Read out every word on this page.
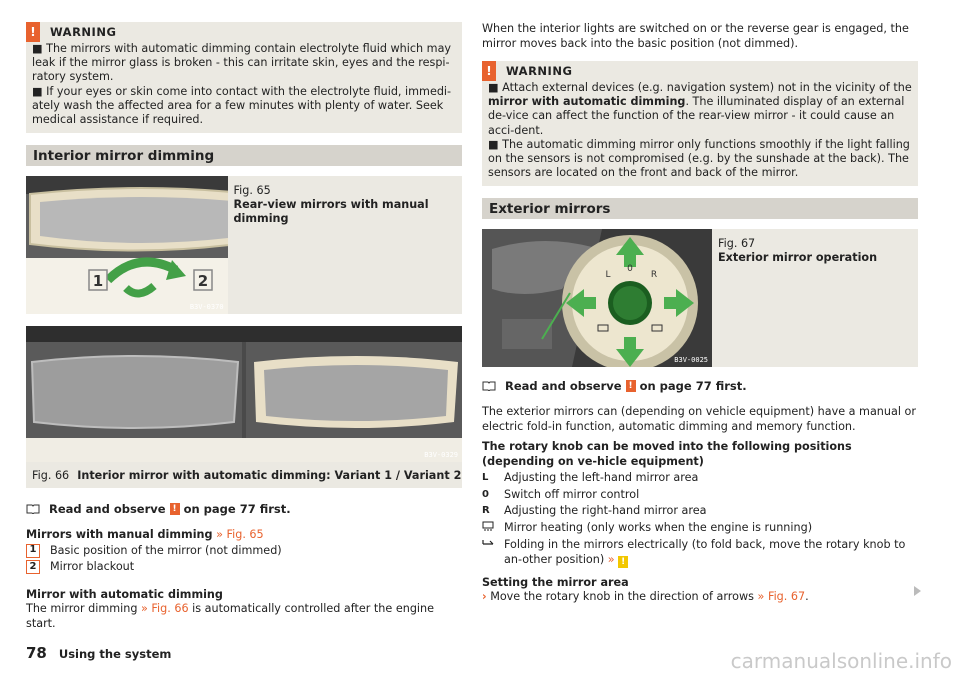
!	WARNING

■ The mirrors with automatic dimming contain electrolyte fluid which may leak if the mirror glass is broken - this can irritate skin, eyes and the respi-ratory system.

■ If your eyes or skin come into contact with the electrolyte fluid, immedi-ately wash the affected area for a few minutes with plenty of water. Seek medical assistance if required.

Interior mirror dimming
1	2
B3V-0370
Fig. 65
Rear-view mirrors with manual dimming
B3V-0329
Fig. 66 Interior mirror with automatic dimming: Variant 1 / Variant 2
Read and observe ! on page 77 first.
Mirrors with manual dimming » Fig. 65
1	Basic position of the mirror (not dimmed)
2	Mirror blackout
Mirror with automatic dimming
The mirror dimming » Fig. 66 is automatically controlled after the engine start.
When the interior lights are switched on or the reverse gear is engaged, the mirror moves back into the basic position (not dimmed).
!	WARNING

■ Attach external devices (e.g. navigation system) not in the vicinity of the mirror with automatic dimming. The illuminated display of an external de-vice can affect the function of the rear-view mirror - it could cause an acci-dent.

■ The automatic dimming mirror only functions smoothly if the light falling on the sensors is not compromised (e.g. by the sunshade at the back). The sensors are located on the front and back of the mirror.

Exterior mirrors
L
0
R
B3V-0025
Fig. 67
Exterior mirror operation
Read and observe ! on page 77 first.
The exterior mirrors can (depending on vehicle equipment) have a manual or electric fold-in function, automatic dimming and memory function.
The rotary knob can be moved into the following positions (depending on ve-hicle equipment)
L	Adjusting the left-hand mirror area
0	Switch off mirror control
R	Adjusting the right-hand mirror area
Mirror heating (only works when the engine is running)
Folding in the mirrors electrically (to fold back, move the rotary knob to an-other position) » !
Setting the mirror area
› Move the rotary knob in the direction of arrows » Fig. 67.
78 Using the system	carmanualsonline.info
